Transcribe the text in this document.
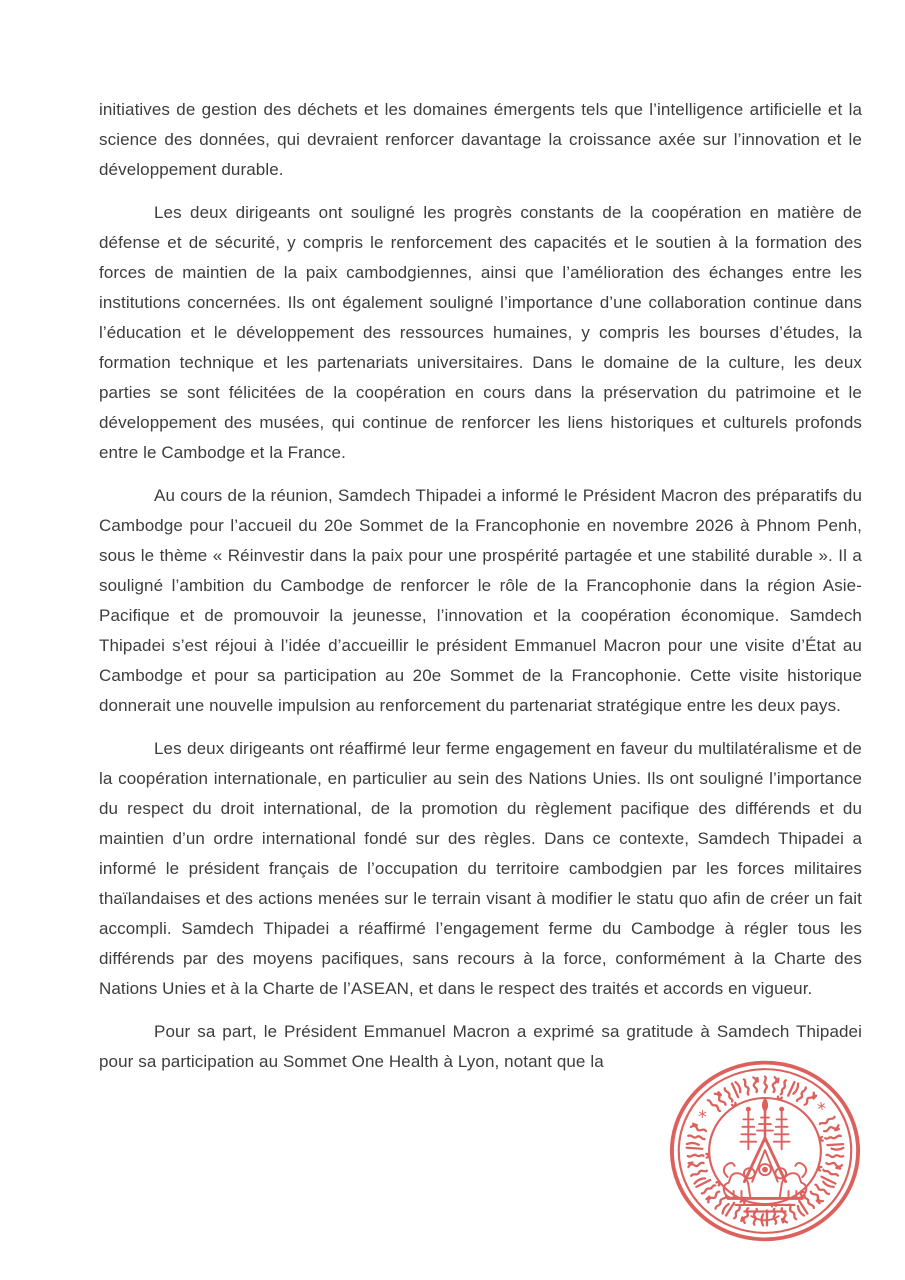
initiatives de gestion des déchets et les domaines émergents tels que l’intelligence artificielle et la science des données, qui devraient renforcer davantage la croissance axée sur l’innovation et le développement durable.

Les deux dirigeants ont souligné les progrès constants de la coopération en matière de défense et de sécurité, y compris le renforcement des capacités et le soutien à la formation des forces de maintien de la paix cambodgiennes, ainsi que l’amélioration des échanges entre les institutions concernées. Ils ont également souligné l’importance d’une collaboration continue dans l’éducation et le développement des ressources humaines, y compris les bourses d’études, la formation technique et les partenariats universitaires. Dans le domaine de la culture, les deux parties se sont félicitées de la coopération en cours dans la préservation du patrimoine et le développement des musées, qui continue de renforcer les liens historiques et culturels profonds entre le Cambodge et la France.

Au cours de la réunion, Samdech Thipadei a informé le Président Macron des préparatifs du Cambodge pour l’accueil du 20e Sommet de la Francophonie en novembre 2026 à Phnom Penh, sous le thème « Réinvestir dans la paix pour une prospérité partagée et une stabilité durable ». Il a souligné l’ambition du Cambodge de renforcer le rôle de la Francophonie dans la région Asie-Pacifique et de promouvoir la jeunesse, l’innovation et la coopération économique. Samdech Thipadei s’est réjoui à l’idée d’accueillir le président Emmanuel Macron pour une visite d’État au Cambodge et pour sa participation au 20e Sommet de la Francophonie. Cette visite historique donnerait une nouvelle impulsion au renforcement du partenariat stratégique entre les deux pays.

Les deux dirigeants ont réaffirmé leur ferme engagement en faveur du multilatéralisme et de la coopération internationale, en particulier au sein des Nations Unies. Ils ont souligné l’importance du respect du droit international, de la promotion du règlement pacifique des différends et du maintien d’un ordre international fondé sur des règles. Dans ce contexte, Samdech Thipadei a informé le président français de l’occupation du territoire cambodgien par les forces militaires thaïlandaises et des actions menées sur le terrain visant à modifier le statu quo afin de créer un fait accompli. Samdech Thipadei a réaffirmé l’engagement ferme du Cambodge à régler tous les différends par des moyens pacifiques, sans recours à la force, conformément à la Charte des Nations Unies et à la Charte de l’ASEAN, et dans le respect des traités et accords en vigueur.

Pour sa part, le Président Emmanuel Macron a exprimé sa gratitude à Samdech Thipadei pour sa participation au Sommet One Health à Lyon, notant que la

*	*
